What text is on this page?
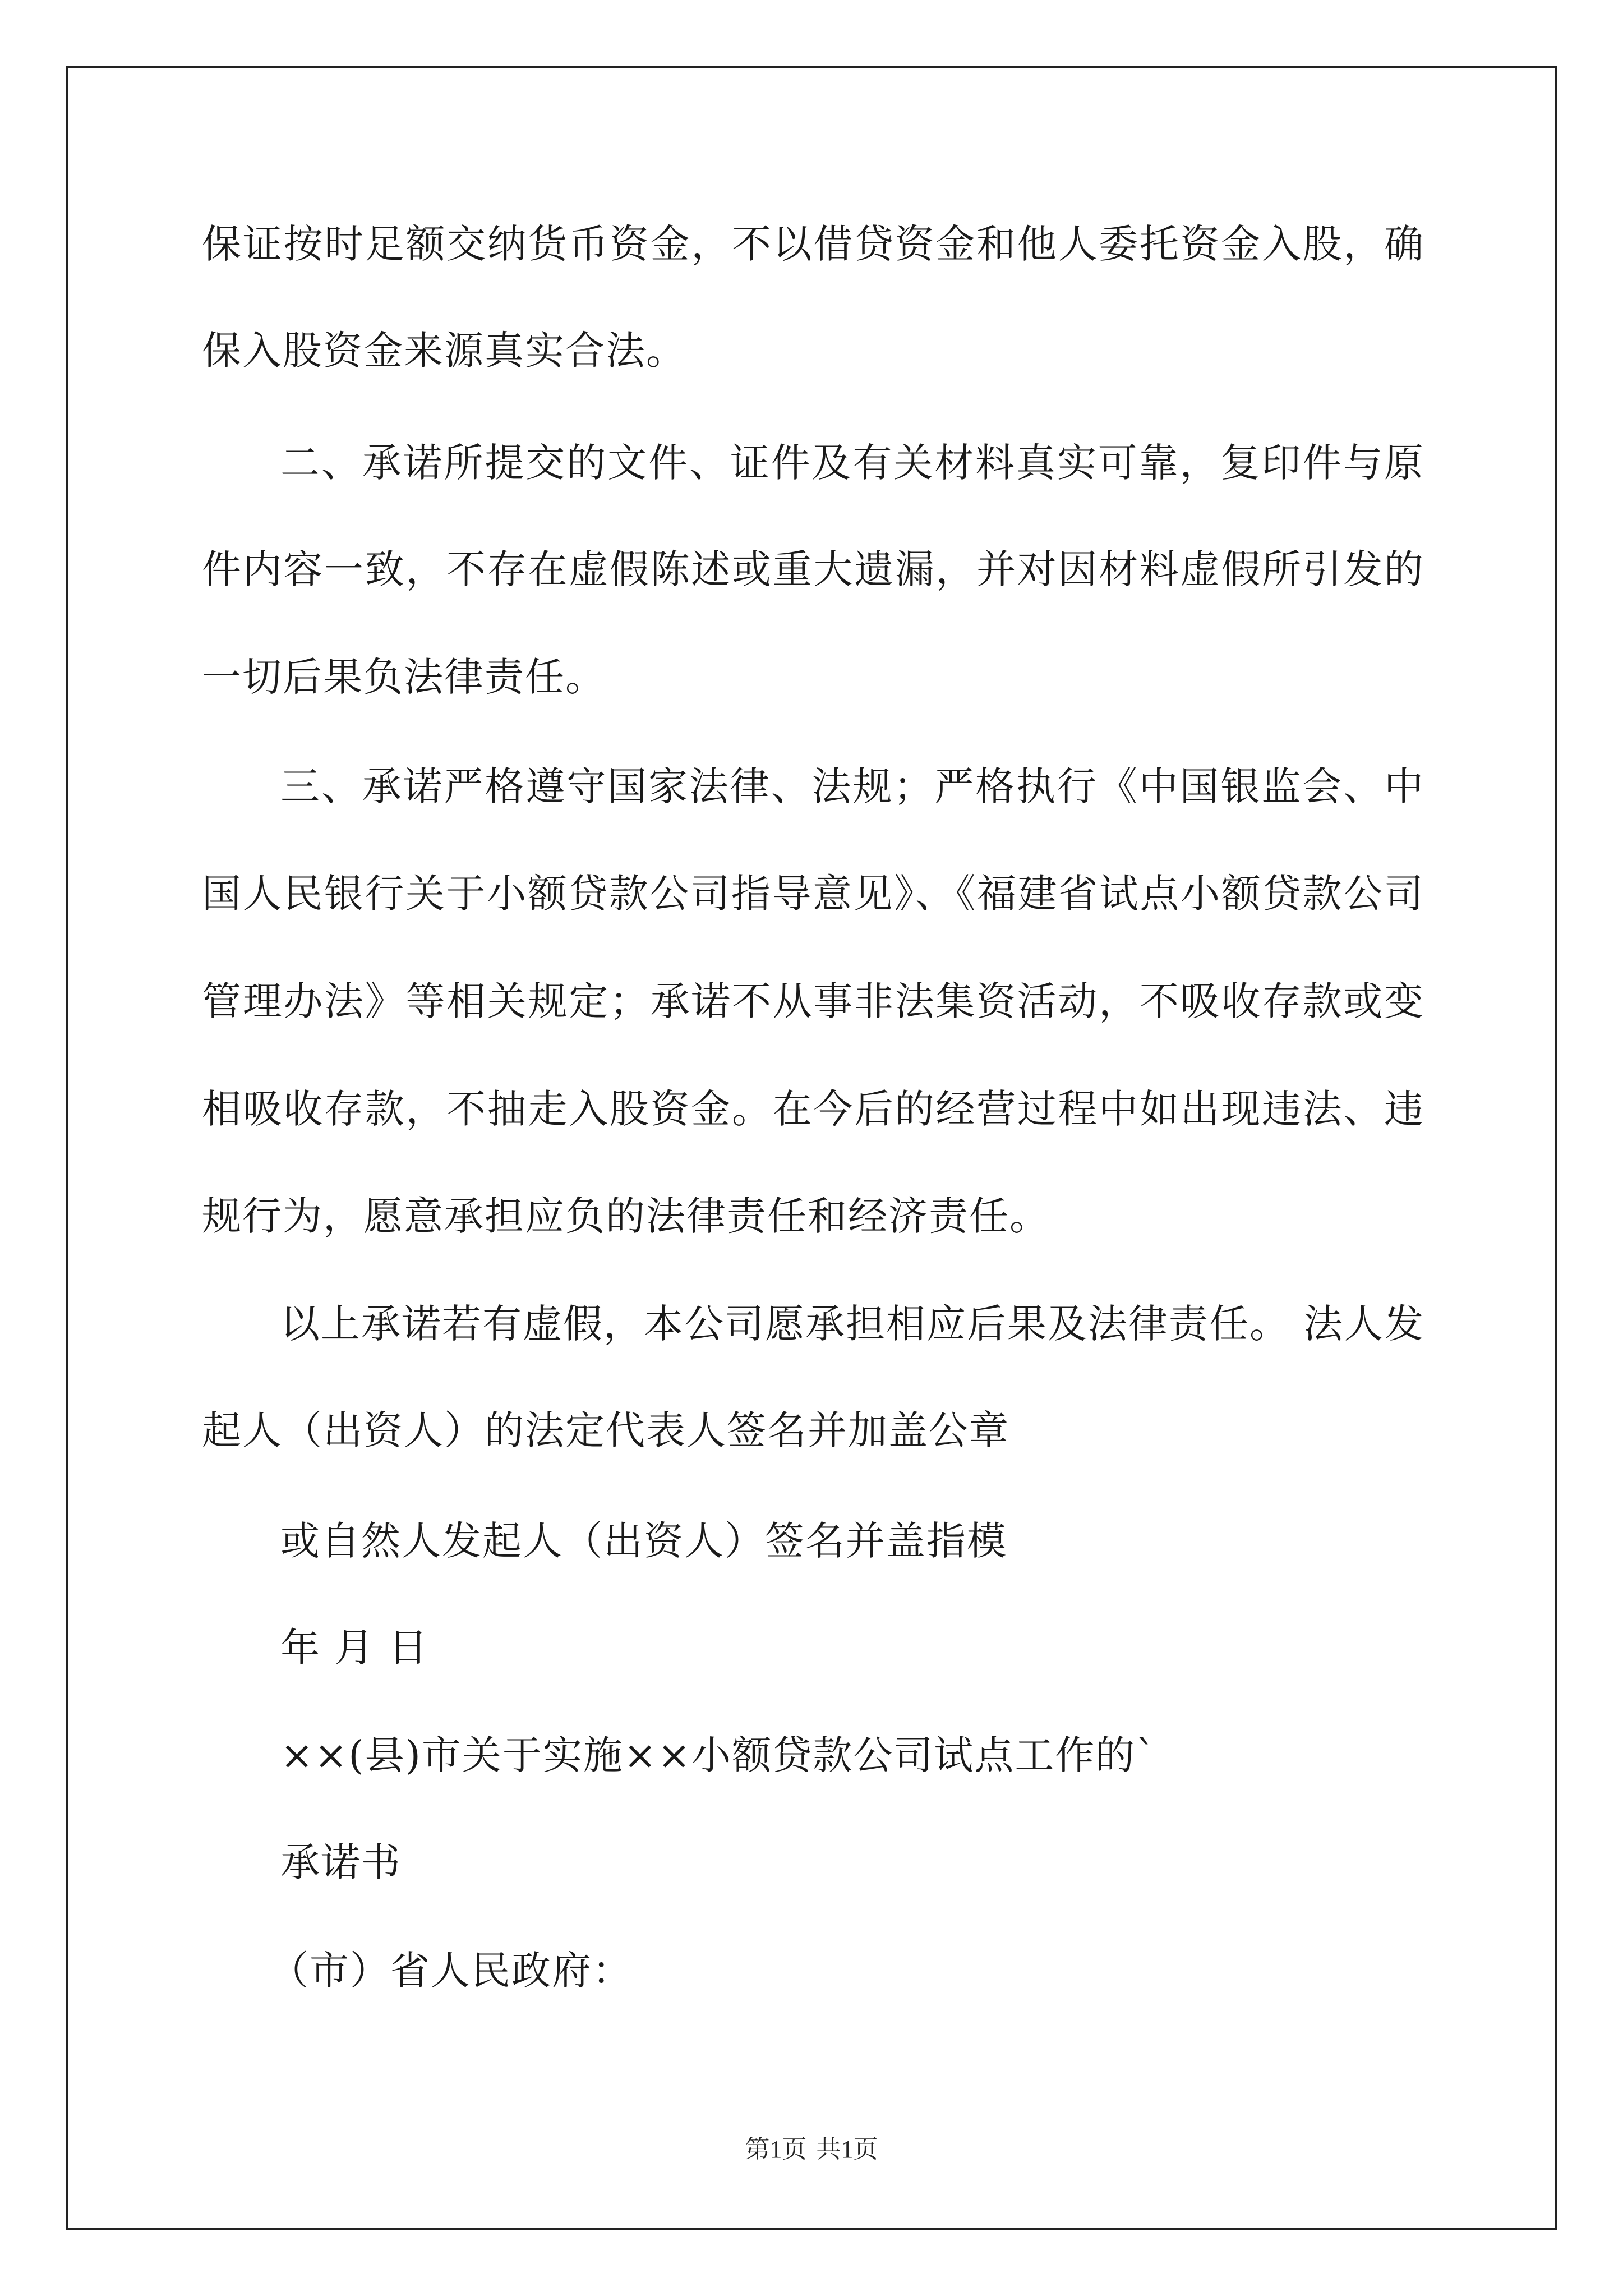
保证按时足额交纳货币资金，不以借贷资金和他人委托资金入股，确
保入股资金来源真实合法。
二、承诺所提交的文件、证件及有关材料真实可靠，复印件与原
件内容一致，不存在虚假陈述或重大遗漏，并对因材料虚假所引发的
一切后果负法律责任。
三、承诺严格遵守国家法律、法规；严格执行《中国银监会、中
国人民银行关于小额贷款公司指导意见》、《福建省试点小额贷款公司
管理办法》等相关规定；承诺不从事非法集资活动，不吸收存款或变
相吸收存款，不抽走入股资金。在今后的经营过程中如出现违法、违
规行为，愿意承担应负的法律责任和经济责任。
以上承诺若有虚假，本公司愿承担相应后果及法律责任。 法人发
起人（出资人）的法定代表人签名并加盖公章
或自然人发起人（出资人）签名并盖指模
年 月 日
××(县)市关于实施××小额贷款公司试点工作的`
承诺书
（市）省人民政府：
第1页 共1页
